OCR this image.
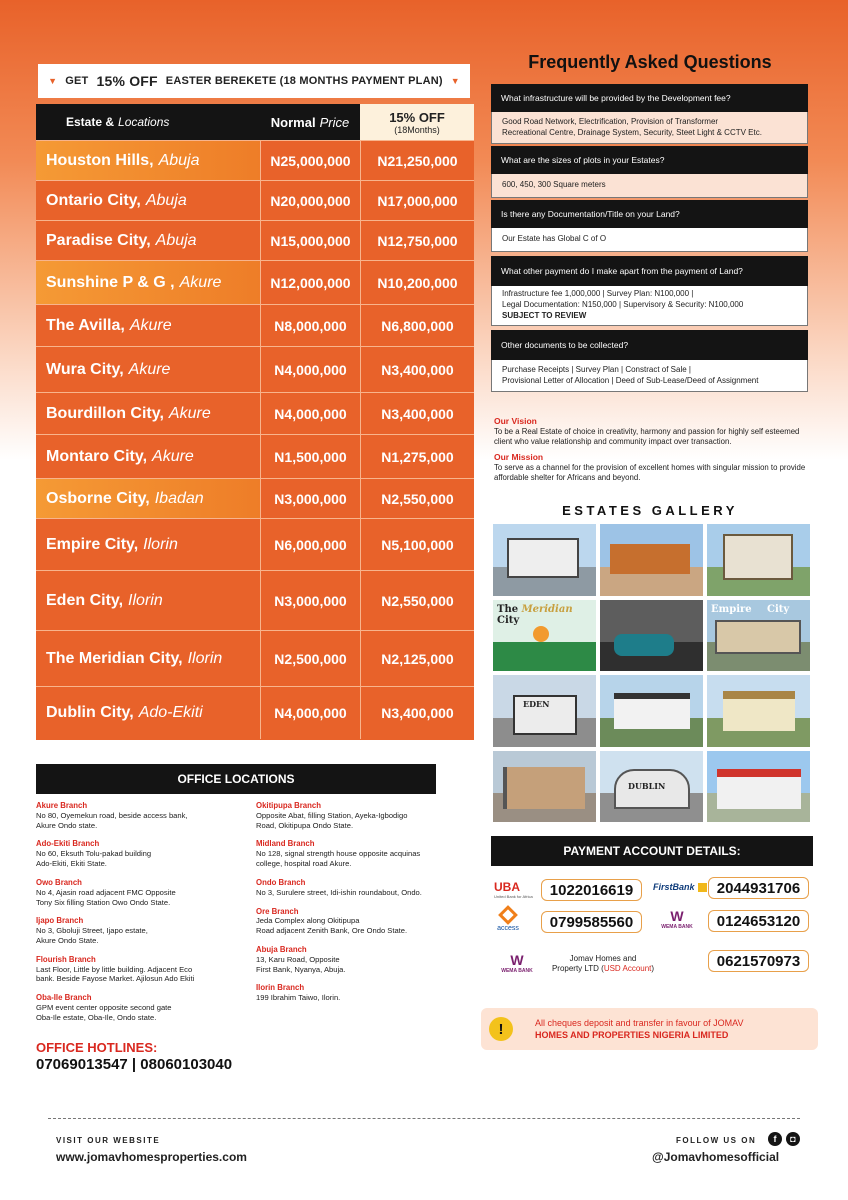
▼ GET 15% OFF EASTER BEREKETE (18 MONTHS PAYMENT PLAN) ▼
Estate & Locations	Normal Price	15% OFF
(18Months)
Houston Hills, Abuja	N25,000,000	N21,250,000
Ontario City, Abuja	N20,000,000	N17,000,000
Paradise City, Abuja	N15,000,000	N12,750,000
Sunshine P & G , Akure	N12,000,000	N10,200,000
The Avilla, Akure	N8,000,000	N6,800,000
Wura City, Akure	N4,000,000	N3,400,000
Bourdillon City, Akure	N4,000,000	N3,400,000
Montaro City, Akure	N1,500,000	N1,275,000
Osborne City, Ibadan	N3,000,000	N2,550,000
Empire City, Ilorin	N6,000,000	N5,100,000
Eden City, Ilorin	N3,000,000	N2,550,000
The Meridian City, Ilorin	N2,500,000	N2,125,000
Dublin City, Ado-Ekiti	N4,000,000	N3,400,000
Frequently Asked Questions
What infrastructure will be provided by the Development fee?
Good Road Network, Electrification, Provision of Transformer
Recreational Centre, Drainage System, Security, Steet Light & CCTV Etc.
What are the sizes of plots in your Estates?
600, 450, 300 Square meters
Is there any Documentation/Title on your Land?
Our Estate has Global C of O
What other payment do I make apart from the payment of Land?
Infrastructure fee 1,000,000 | Survey Plan: N100,000 |
Legal Documentation: N150,000 | Supervisory & Security: N100,000
SUBJECT TO REVIEW
Other documents to be collected?
Purchase Receipts | Survey Plan | Constract of Sale |
Provisional Letter of Allocation | Deed of Sub-Lease/Deed of Assignment
Our Vision
To be a Real Estate of choice in creativity, harmony and passion for highly self esteemed client who value relationship and community impact over transaction.
Our Mission
To serve as a channel for the provision of excellent homes with singular mission to provide affordable shelter for Africans and beyond.
ESTATES GALLERY
The Meridian City
Empire City
EDEN
DUBLIN
OFFICE LOCATIONS
Akure Branch
No 80, Oyemekun road, beside access bank,
Akure Ondo state.
Ado-Ekiti Branch
No 60, Eksuth Tolu-pakad building
Ado-Ekiti, Ekiti State.
Owo Branch
No 4, Ajasin road adjacent FMC Opposite
Tony Six filling Station Owo Ondo State.
Ijapo Branch
No 3, Gboluji Street, Ijapo estate,
Akure Ondo State.
Flourish Branch
Last Floor, Little by little building. Adjacent Eco
bank. Beside Fayose Market. Ajilosun Ado Ekiti
Oba-Ile Branch
GPM event center opposite second gate
Oba-Ile estate, Oba-Ile, Ondo state.
Okitipupa Branch
Opposite Abat, filling Station, Ayeka-Igbodigo
Road, Okitipupa Ondo State.
Midland Branch
No 128, signal strength house opposite acquinas
college, hospital road Akure.
Ondo Branch
No 3, Surulere street, Idi-ishin roundabout, Ondo.
Ore Branch
Jeda Complex along Okitipupa
Road adjacent Zenith Bank, Ore Ondo State.
Abuja Branch
13, Karu Road, Opposite
First Bank, Nyanya, Abuja.
Ilorin Branch
199 Ibrahim Taiwo, Ilorin.
OFFICE HOTLINES:
07069013547 | 08060103040
PAYMENT ACCOUNT DETAILS:
UBA
United Bank for Africa	1022016619	FirstBank	2044931706
access	0799585560	W
WEMA BANK	0124653120
W
WEMA BANK
Jomav Homes and
Property LTD (USD Account)	0621570973
!	All cheques deposit and transfer in favour of JOMAV
HOMES AND PROPERTIES NIGERIA LIMITED
VISIT OUR WEBSITE
www.jomavhomesproperties.com
FOLLOW US ON	f	◘
@Jomavhomesofficial
